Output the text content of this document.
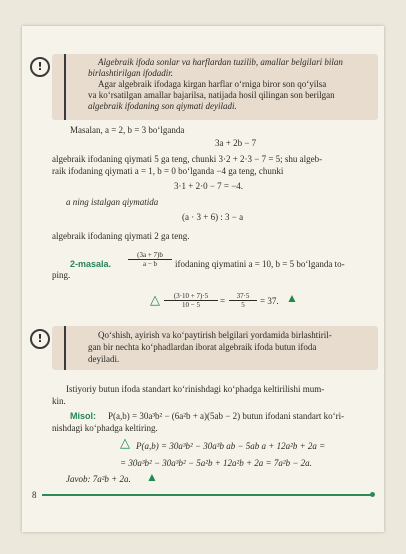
!	Algebraik ifoda sonlar va harflardan tuzilib, amallar belgilari bilan
birlashtirilgan ifodadir.
Agar algebraik ifodaga kirgan harflar o‘rniga biror son qo‘yilsa
va ko‘rsatilgan amallar bajarilsa, natijada hosil qilingan son berilgan
algebraik ifodaning son qiymati deyiladi.
Masalan, a = 2, b = 3 bo‘lganda
3a + 2b − 7
algebraik ifodaning qiymati 5 ga teng, chunki 3·2 + 2·3 − 7 = 5; shu algeb-
raik ifodaning qiymati a = 1, b = 0 bo‘lganda −4 ga teng, chunki
3·1 + 2·0 − 7 = −4.
a ning istalgan qiymatida
(a · 3 + 6) : 3 − a
algebraik ifodaning qiymati 2 ga teng.
2-masala. $\frac{(3a + 7)b}{a - b}$ ifodaning qiymatini a = 10, b = 5 bo‘lganda to-
ping.
△ $\frac{(3\cdot 10 + 7)\cdot 5}{10 - 5} = \frac{37\cdot 5}{5} = 37$. ▲
!	Qo‘shish, ayirish va ko‘paytirish belgilari yordamida birlashtiril-
gan bir nechta ko‘phadlardan iborat algebraik ifoda butun ifoda
deyiladi.
Istiyoriy butun ifoda standart ko‘rinishdagi ko‘phadga keltirilishi mum-
kin.
Misol: P(a,b) = 30a³b² − (6a²b + a)(5ab − 2) butun ifodani standart ko‘ri-
nishdagi ko‘phadga keltiring.
△ P(a,b) = 30a³b² − 30a³b ab − 5ab a + 12a²b + 2a =
= 30a³b² − 30a³b² − 5a²b + 12a²b + 2a = 7a²b − 2a.
Javob: 7a²b + 2a. ▲
8
